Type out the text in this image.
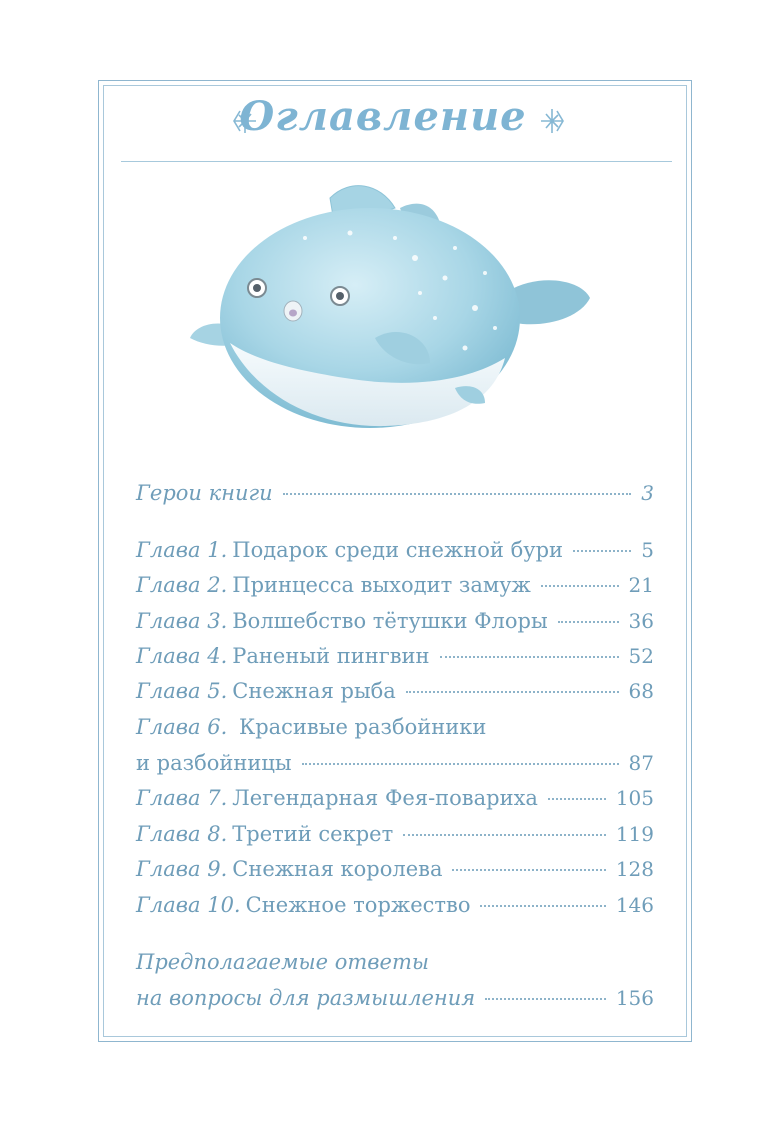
Оглавление
Герои книги	3
Глава 1. Подарок среди снежной бури	5
Глава 2. Принцесса выходит замуж	21
Глава 3. Волшебство тётушки Флоры	36
Глава 4. Раненый пингвин	52
Глава 5. Снежная рыба	68
Глава 6. Красивые разбойники
и разбойницы	87
Глава 7. Легендарная Фея-повариха	105
Глава 8. Третий секрет	119
Глава 9. Снежная королева	128
Глава 10. Снежное торжество	146
Предполагаемые ответы
на вопросы для размышления	156
